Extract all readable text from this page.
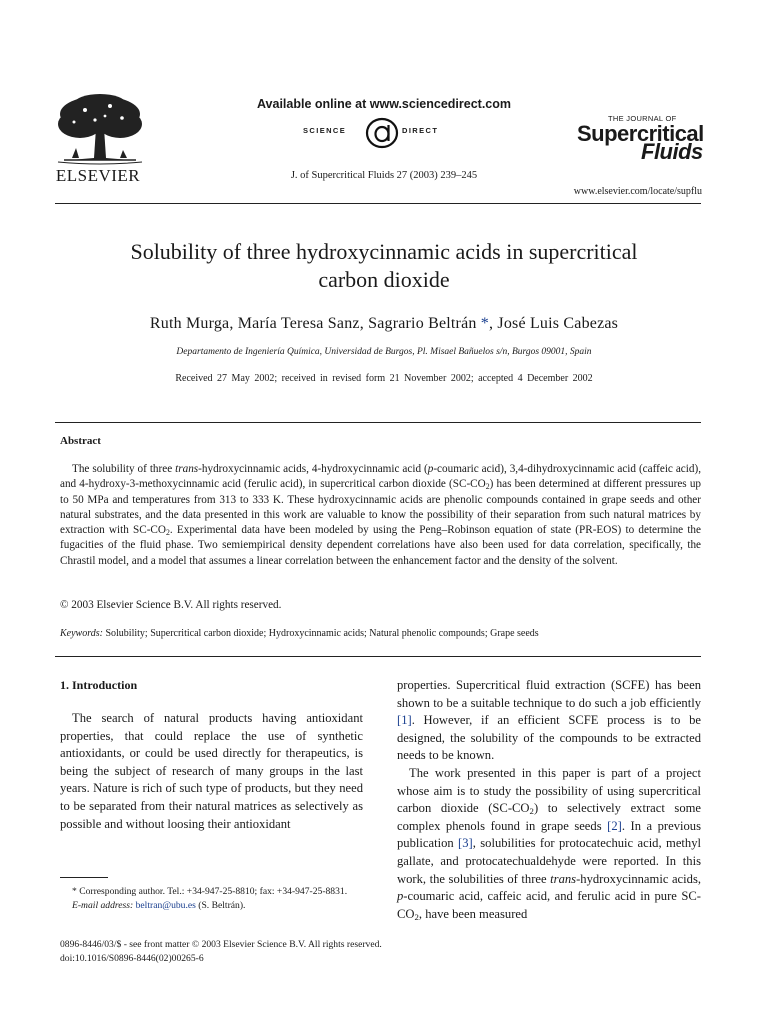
ELSEVIER
Available online at www.sciencedirect.com
SCIENCE	DIRECT
J. of Supercritical Fluids 27 (2003) 239–245
THE JOURNAL OF
Supercritical
Fluids
www.elsevier.com/locate/supflu
Solubility of three hydroxycinnamic acids in supercritical
carbon dioxide
Ruth Murga, María Teresa Sanz, Sagrario Beltrán *, José Luis Cabezas
Departamento de Ingeniería Química, Universidad de Burgos, Pl. Misael Bañuelos s/n, Burgos 09001, Spain
Received 27 May 2002; received in revised form 21 November 2002; accepted 4 December 2002
Abstract

The solubility of three trans-hydroxycinnamic acids, 4-hydroxycinnamic acid (p-coumaric acid), 3,4-dihydroxycinnamic acid (caffeic acid), and 4-hydroxy-3-methoxycinnamic acid (ferulic acid), in supercritical carbon dioxide $(SC-CO_2)$ has been determined at different pressures up to 50 MPa and temperatures from 313 to 333 K. These hydroxycinnamic acids are phenolic compounds contained in grape seeds and other natural substrates, and the data presented in this work are valuable to know the possibility of their separation from such natural matrices by extraction with $SC-CO_2$. Experimental data have been modeled by using the Peng–Robinson equation of state (PR-EOS) to determine the fugacities of the fluid phase. Two semiempirical density dependent correlations have also been used for data correlation, specifically, the Chrastil model, and a model that assumes a linear correlation between the enhancement factor and the density of the solvent.

© 2003 Elsevier Science B.V. All rights reserved.
Keywords: Solubility; Supercritical carbon dioxide; Hydroxycinnamic acids; Natural phenolic compounds; Grape seeds
1. Introduction

The search of natural products having antioxidant properties, that could replace the use of synthetic antioxidants, or could be used directly for therapeutics, is being the subject of research of many groups in the last years. Nature is rich of such type of products, but they need to be separated from their natural matrices as selectively as possible and without loosing their antioxidant

properties. Supercritical fluid extraction (SCFE) has been shown to be a suitable technique to do such a job efficiently [1]. However, if an efficient SCFE process is to be designed, the solubility of the compounds to be extracted needs to be known.

The work presented in this paper is part of a project whose aim is to study the possibility of using supercritical carbon dioxide $(SC-CO_2)$ to selectively extract some complex phenols found in grape seeds [2]. In a previous publication [3], solubilities for protocatechuic acid, methyl gallate, and protocatechualdehyde were reported. In this work, the solubilities of three trans-hydroxycinnamic acids, p-coumaric acid, caffeic acid, and ferulic acid in pure $SC-CO_2$, have been measured

* Corresponding author. Tel.: +34-947-25-8810; fax: +34-947-25-8831.

E-mail address: beltran@ubu.es (S. Beltrán).

0896-8446/03/$ - see front matter © 2003 Elsevier Science B.V. All rights reserved.
doi:10.1016/S0896-8446(02)00265-6
